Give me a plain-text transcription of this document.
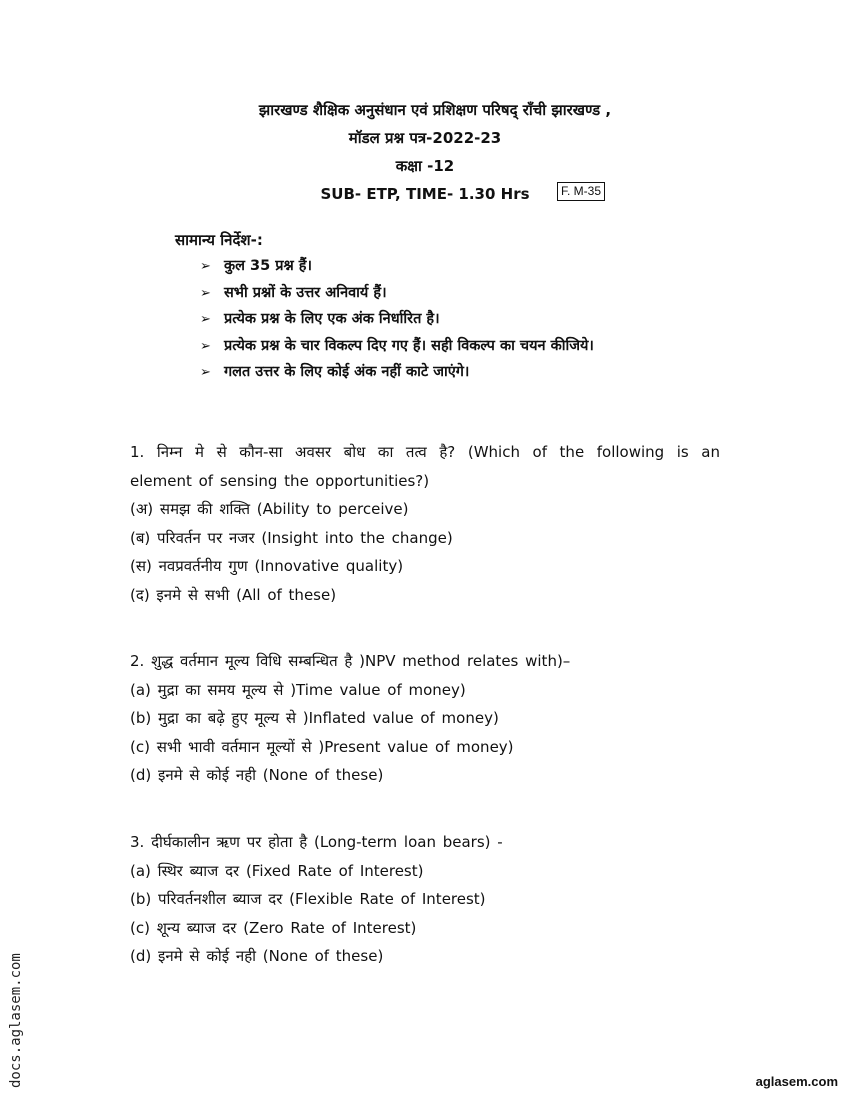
झारखण्ड शैक्षिक अनुसंधान एवं प्रशिक्षण परिषद् राँची झारखण्ड ,
मॉडल प्रश्न पत्र-2022-23
कक्षा -12
SUB- ETP, TIME- 1.30 Hrs	F. M-35
सामान्य निर्देश-:
➢ कुल 35 प्रश्न हैं।
➢ सभी प्रश्नों के उत्तर अनिवार्य हैं।
➢ प्रत्येक प्रश्न के लिए एक अंक निर्धारित है।
➢ प्रत्येक प्रश्न के चार विकल्प दिए गए हैं। सही विकल्प का चयन कीजिये।
➢ गलत उत्तर के लिए कोई अंक नहीं काटे जाएंगे।
1. निम्न मे से कौन-सा अवसर बोध का तत्व है? (Which of the following is an
element of sensing the opportunities?)
(अ) समझ की शक्ति (Ability to perceive)
(ब) परिवर्तन पर नजर (Insight into the change)
(स) नवप्रवर्तनीय गुण (Innovative quality)
(द) इनमे से सभी (All of these)
2. शुद्ध वर्तमान मूल्य विधि सम्बन्धित है )NPV method relates with)–
(a) मुद्रा का समय मूल्य से )Time value of money)
(b) मुद्रा का बढ़े हुए मूल्य से )Inflated value of money)
(c) सभी भावी वर्तमान मूल्यों से )Present value of money)
(d) इनमे से कोई नही (None of these)
3. दीर्घकालीन ऋण पर होता है (Long-term loan bears) -
(a) स्थिर ब्याज दर (Fixed Rate of Interest)
(b) परिवर्तनशील ब्याज दर (Flexible Rate of Interest)
(c) शून्य ब्याज दर (Zero Rate of Interest)
(d) इनमे से कोई नही (None of these)
docs.aglasem.com	aglasem.com
